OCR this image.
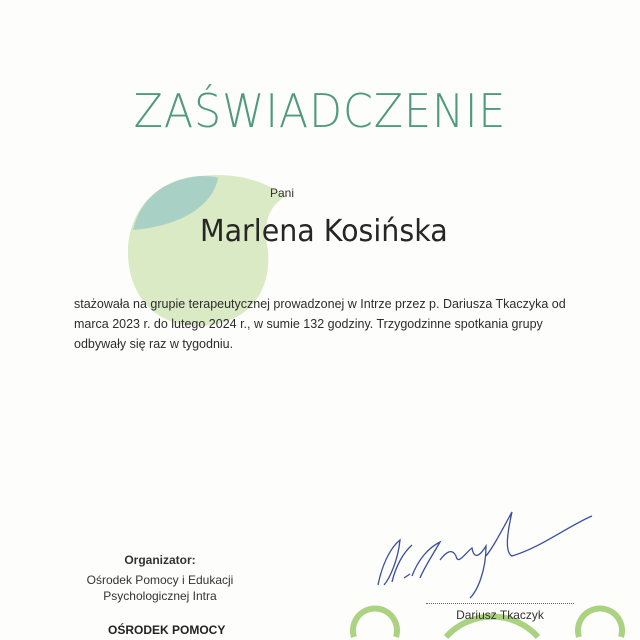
ZAŚWIADCZENIE
Pani
Marlena Kosińska
stażowała na grupie terapeutycznej prowadzonej w Intrze przez p. Dariusza Tkaczyka od marca 2023 r. do lutego 2024 r., w sumie 132 godziny. Trzygodzinne spotkania grupy odbywały się raz w tygodniu.
Organizator:
Ośrodek Pomocy i Edukacji
Psychologicznej Intra
OŚRODEK POMOCY
Dariusz Tkaczyk
